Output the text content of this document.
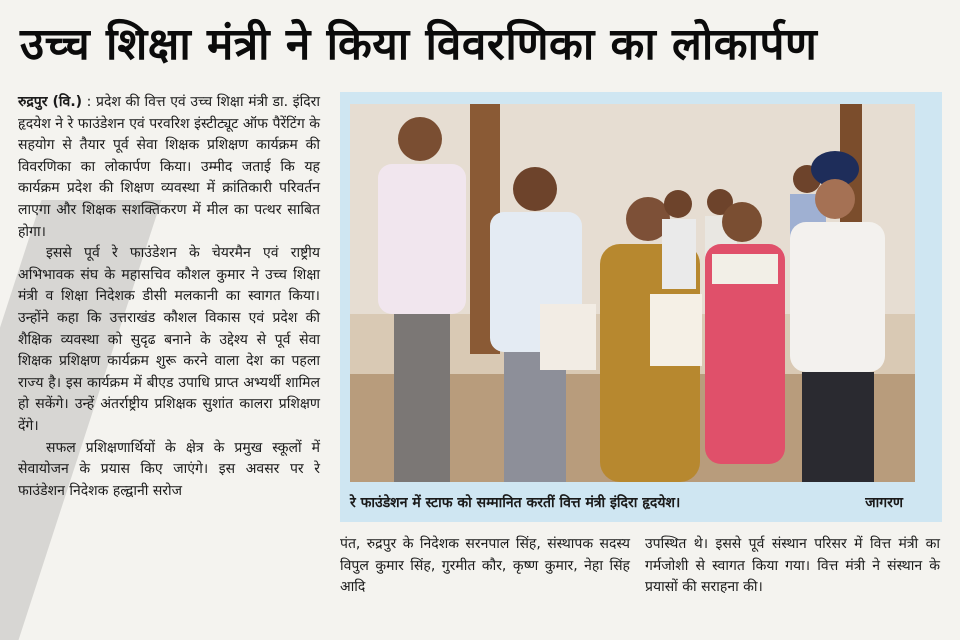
उच्च शिक्षा मंत्री ने किया विवरणिका का लोकार्पण

रुद्रपुर (वि.) : प्रदेश की वित्त एवं उच्च शिक्षा मंत्री डा. इंदिरा हृदयेश ने रे फाउंडेशन एवं परवरिश इंस्टीट्यूट ऑफ पैरेंटिंग के सहयोग से तैयार पूर्व सेवा शिक्षक प्रशिक्षण कार्यक्रम की विवरणिका का लोकार्पण किया। उम्मीद जताई कि यह कार्यक्रम प्रदेश की शिक्षण व्यवस्था में क्रांतिकारी परिवर्तन लाएगा और शिक्षक सशक्तिकरण में मील का पत्थर साबित होगा।

इससे पूर्व रे फाउंडेशन के चेयरमैन एवं राष्ट्रीय अभिभावक संघ के महासचिव कौशल कुमार ने उच्च शिक्षा मंत्री व शिक्षा निदेशक डीसी मलकानी का स्वागत किया। उन्होंने कहा कि उत्तराखंड कौशल विकास एवं प्रदेश की शैक्षिक व्यवस्था को सुदृढ बनाने के उद्देश्य से पूर्व सेवा शिक्षक प्रशिक्षण कार्यक्रम शुरू करने वाला देश का पहला राज्य है। इस कार्यक्रम में बीएड उपाधि प्राप्त अभ्यर्थी शामिल हो सकेंगे। उन्हें अंतर्राष्ट्रीय प्रशिक्षक सुशांत कालरा प्रशिक्षण देंगे।

सफल प्रशिक्षणार्थियों के क्षेत्र के प्रमुख स्कूलों में सेवायोजन के प्रयास किए जाएंगे। इस अवसर पर रे फाउंडेशन निदेशक हल्द्वानी सरोज

रे फाउंडेशन में स्टाफ को सम्मानित करतीं वित्त मंत्री इंदिरा हृदयेश।	जागरण

पंत, रुद्रपुर के निदेशक सरनपाल सिंह, संस्थापक सदस्य विपुल कुमार सिंह, गुरमीत कौर, कृष्ण कुमार, नेहा सिंह आदि

उपस्थित थे। इससे पूर्व संस्थान परिसर में वित्त मंत्री का गर्मजोशी से स्वागत किया गया। वित्त मंत्री ने संस्थान के प्रयासों की सराहना की।
